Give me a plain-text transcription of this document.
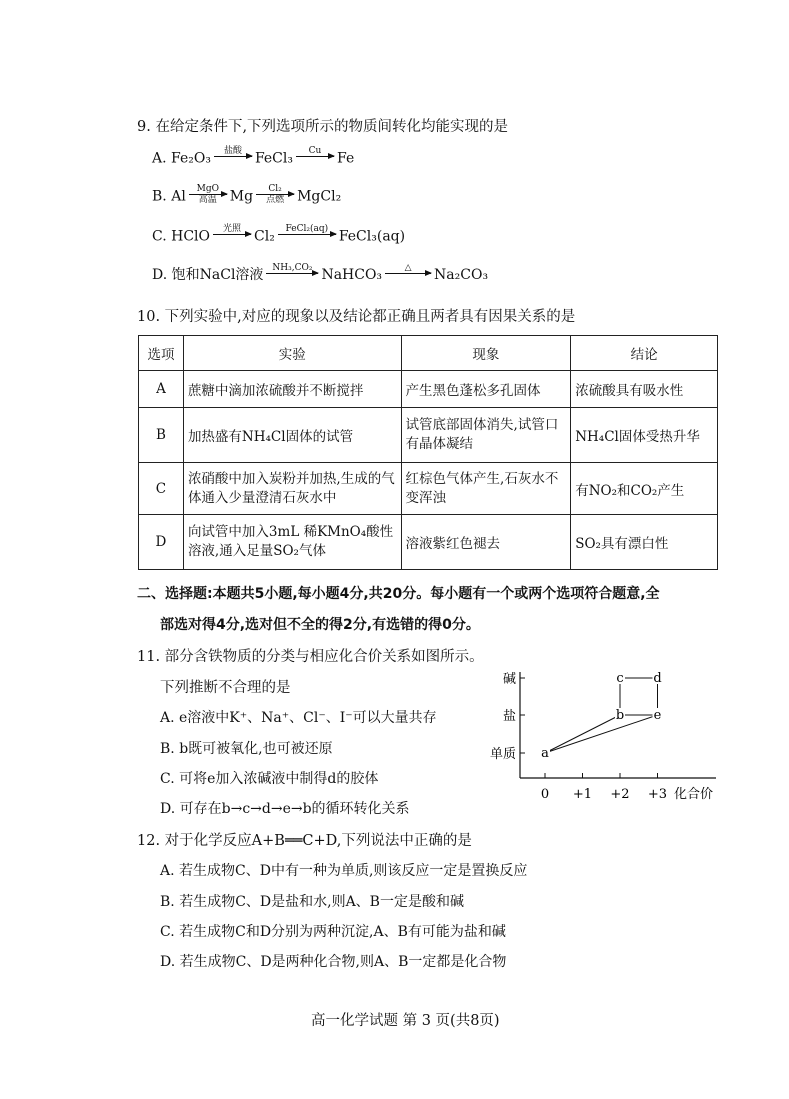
9. 在给定条件下,下列选项所示的物质间转化均能实现的是
A. Fe₂O₃ 盐酸 FeCl₃ Cu Fe
B. Al MgO
高温 Mg Cl₂
点燃 MgCl₂
C. HClO 光照 Cl₂ FeCl₂(aq) FeCl₃(aq)
D. 饱和NaCl溶液 NH₃,CO₂ NaHCO₃	△ Na₂CO₃
10. 下列实验中,对应的现象以及结论都正确且两者具有因果关系的是
选项	实验	现象	结论
A	蔗糖中滴加浓硫酸并不断搅拌	产生黑色蓬松多孔固体	浓硫酸具有吸水性
B	加热盛有NH₄Cl固体的试管	试管底部固体消失,试管口有晶体凝结	NH₄Cl固体受热升华
C	浓硝酸中加入炭粉并加热,生成的气体通入少量澄清石灰水中	红棕色气体产生,石灰水不变浑浊	有NO₂和CO₂产生
D	向试管中加入3mL 稀KMnO₄酸性溶液,通入足量SO₂气体	溶液紫红色褪去	SO₂具有漂白性
二、选择题:本题共5小题,每小题4分,共20分。每小题有一个或两个选项符合题意,全
部选对得4分,选对但不全的得2分,有选错的得0分。
11. 部分含铁物质的分类与相应化合价关系如图所示。
下列推断不合理的是
A. e溶液中K⁺、Na⁺、Cl⁻、I⁻可以大量共存
B. b既可被氧化,也可被还原
C. 可将e加入浓碱液中制得d的胶体
D. 可存在b→c→d→e→b的循环转化关系
碱
盐
单质
0 +1 +2 +3 化合价
a
b
c d
e
12. 对于化学反应A+B══C+D,下列说法中正确的是
A. 若生成物C、D中有一种为单质,则该反应一定是置换反应
B. 若生成物C、D是盐和水,则A、B一定是酸和碱
C. 若生成物C和D分别为两种沉淀,A、B有可能为盐和碱
D. 若生成物C、D是两种化合物,则A、B一定都是化合物
高一化学试题 第 3 页(共8页)
